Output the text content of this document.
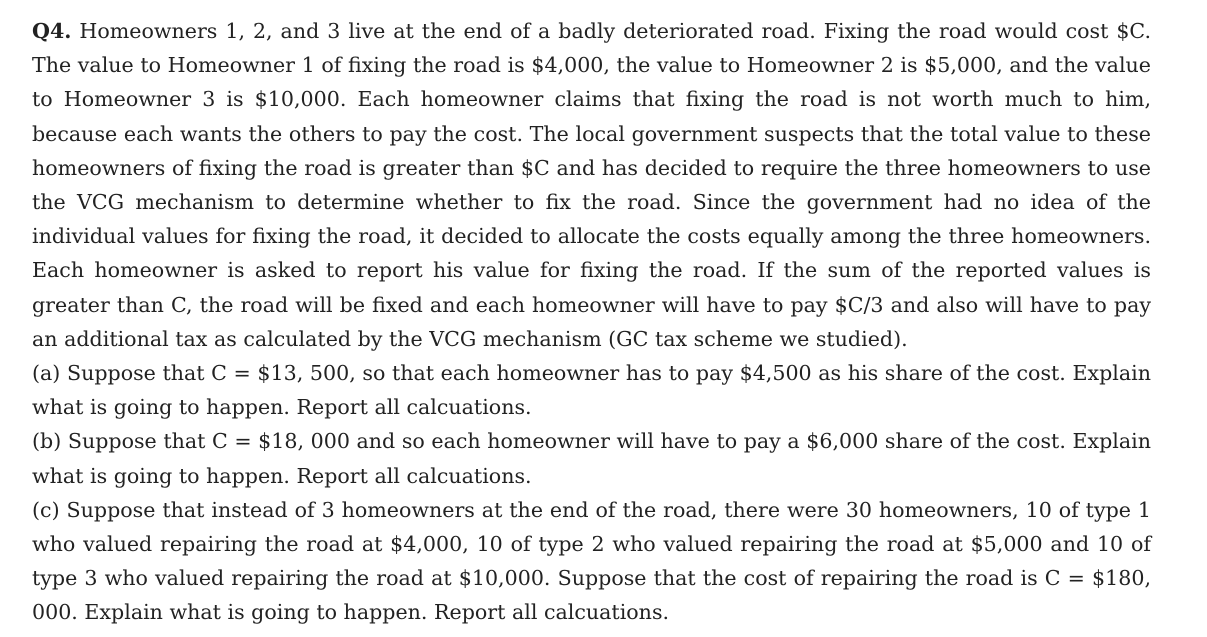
Q4. Homeowners 1, 2, and 3 live at the end of a badly deteriorated road. Fixing the road would cost $C. The value to Homeowner 1 of fixing the road is $4,000, the value to Homeowner 2 is $5,000, and the value to Homeowner 3 is $10,000. Each homeowner claims that fixing the road is not worth much to him, because each wants the others to pay the cost. The local government suspects that the total value to these homeowners of fixing the road is greater than $C and has decided to require the three homeowners to use the VCG mechanism to determine whether to fix the road. Since the government had no idea of the individual values for fixing the road, it decided to allocate the costs equally among the three homeowners. Each homeowner is asked to report his value for fixing the road. If the sum of the reported values is greater than C, the road will be fixed and each homeowner will have to pay $C/3 and also will have to pay an additional tax as calculated by the VCG mechanism (GC tax scheme we studied).
(a) Suppose that C = $13, 500, so that each homeowner has to pay $4,500 as his share of the cost. Explain what is going to happen. Report all calcuations.
(b) Suppose that C = $18, 000 and so each homeowner will have to pay a $6,000 share of the cost. Explain what is going to happen. Report all calcuations.
(c) Suppose that instead of 3 homeowners at the end of the road, there were 30 homeowners, 10 of type 1 who valued repairing the road at $4,000, 10 of type 2 who valued repairing the road at $5,000 and 10 of type 3 who valued repairing the road at $10,000. Suppose that the cost of repairing the road is C = $180, 000. Explain what is going to happen. Report all calcuations.
